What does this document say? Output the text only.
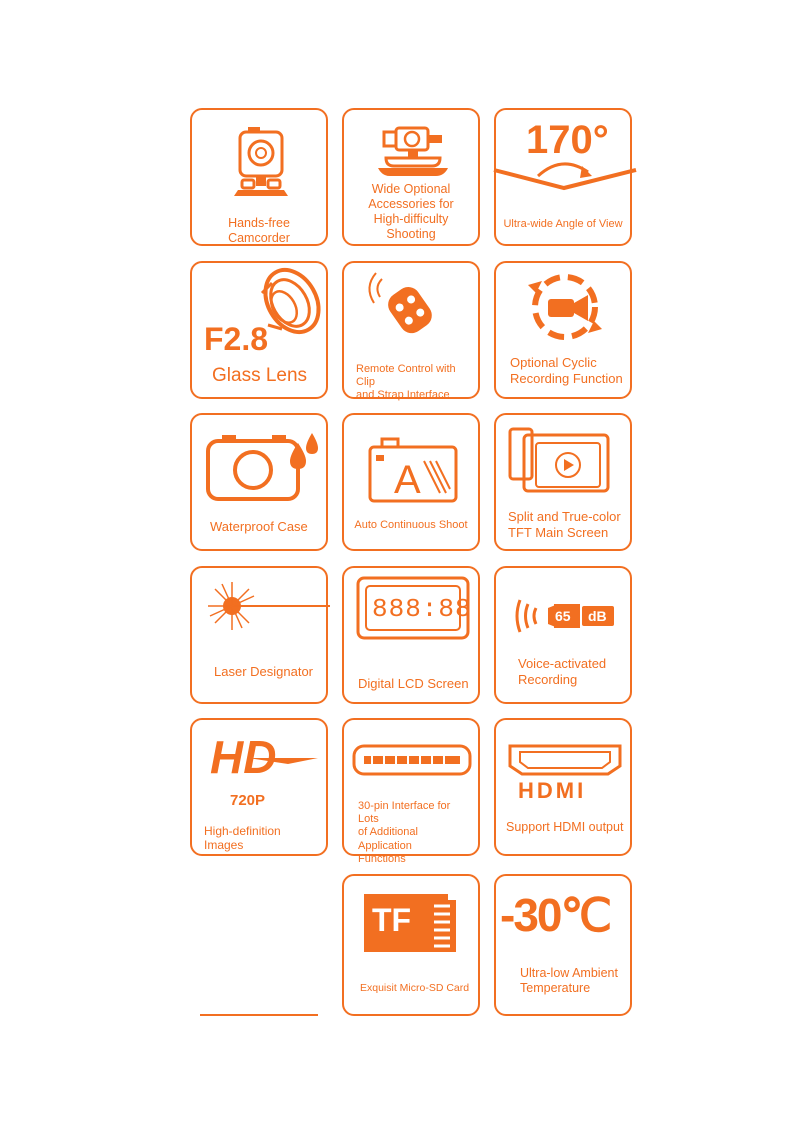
Hands-free Camcorder
Wide Optional
Accessories for
High-difficulty Shooting
170°
Ultra-wide Angle of View
F2.8
Glass Lens	Remote Control with Clip
and Strap Interface
Optional Cyclic
Recording Function
Waterproof Case
A
Auto Continuous Shoot
Split and True-color
TFT Main Screen
Laser Designator
888:88
Digital LCD Screen
65 dB
Voice-activated
Recording
HD
720P
High-definition Images
30-pin Interface for Lots
of Additional Application
Functions
HDMI
Support HDMI output
TF
Exquisit Micro-SD Card
-30℃
Ultra-low Ambient
Temperature
